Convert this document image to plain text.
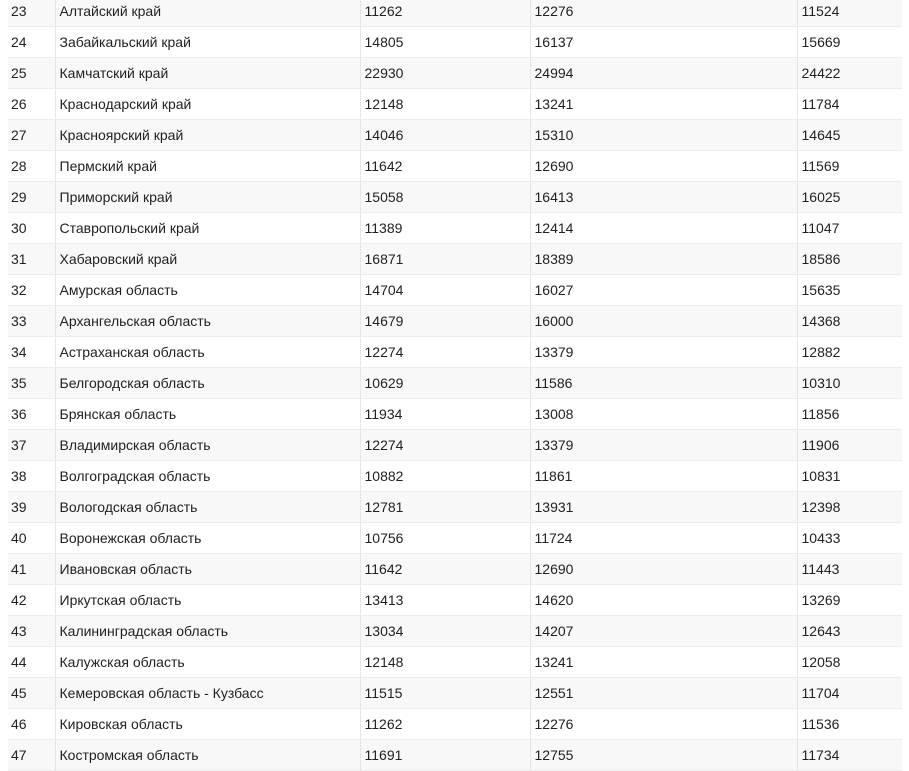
23	Алтайский край	11262	12276	11524
24	Забайкальский край	14805	16137	15669
25	Камчатский край	22930	24994	24422
26	Краснодарский край	12148	13241	11784
27	Красноярский край	14046	15310	14645
28	Пермский край	11642	12690	11569
29	Приморский край	15058	16413	16025
30	Ставропольский край	11389	12414	11047
31	Хабаровский край	16871	18389	18586
32	Амурская область	14704	16027	15635
33	Архангельская область	14679	16000	14368
34	Астраханская область	12274	13379	12882
35	Белгородская область	10629	11586	10310
36	Брянская область	11934	13008	11856
37	Владимирская область	12274	13379	11906
38	Волгоградская область	10882	11861	10831
39	Вологодская область	12781	13931	12398
40	Воронежская область	10756	11724	10433
41	Ивановская область	11642	12690	11443
42	Иркутская область	13413	14620	13269
43	Калининградская область	13034	14207	12643
44	Калужская область	12148	13241	12058
45	Кемеровская область - Кузбасс	11515	12551	11704
46	Кировская область	11262	12276	11536
47	Костромская область	11691	12755	11734
